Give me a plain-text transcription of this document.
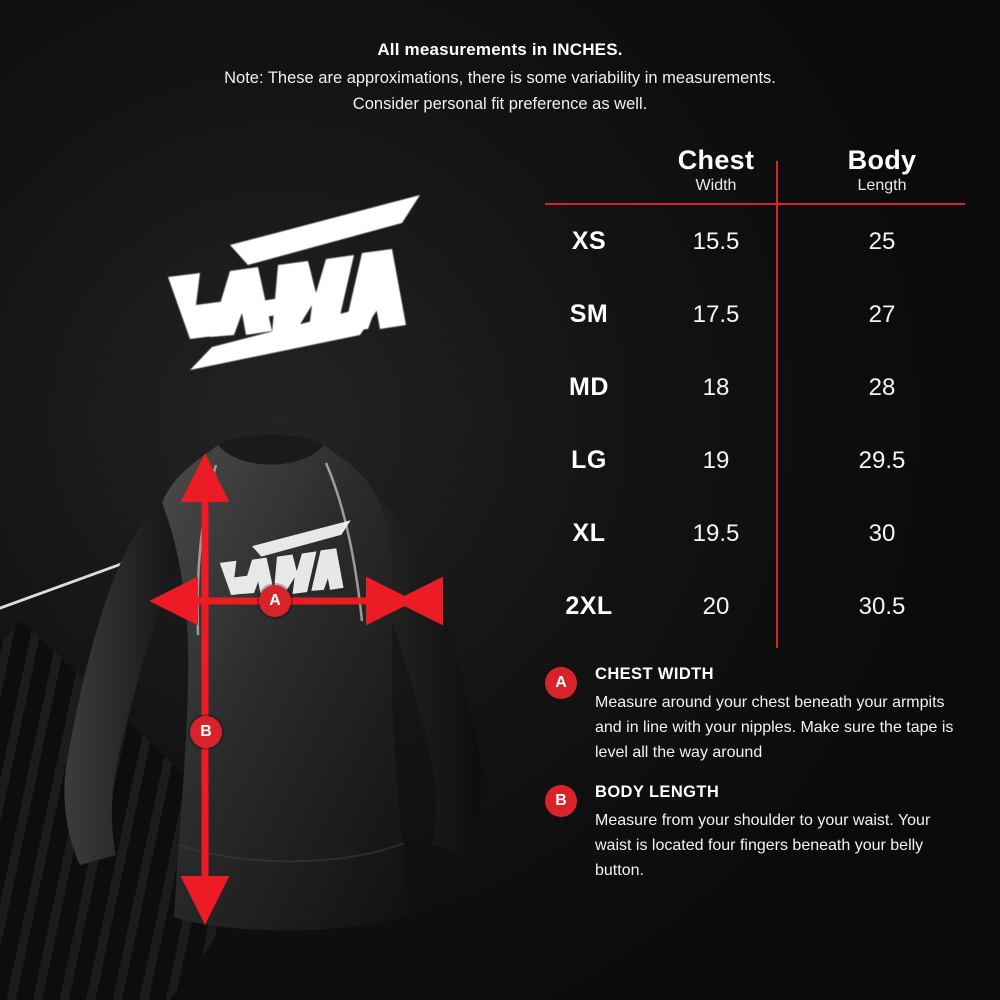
All measurements in INCHES.
Note: These are approximations, there is some variability in measurements.
Consider personal fit preference as well.
A
B
Chest
Width
Body
Length
XS	15.5	25
SM	17.5	27
MD	18	28
LG	19	29.5
XL	19.5	30
2XL	20	30.5
A	CHEST WIDTH
Measure around your chest beneath your armpits and in line with your nipples. Make sure the tape is level all the way around
B	BODY LENGTH
Measure from your shoulder to your waist. Your waist is located four fingers beneath your belly button.
